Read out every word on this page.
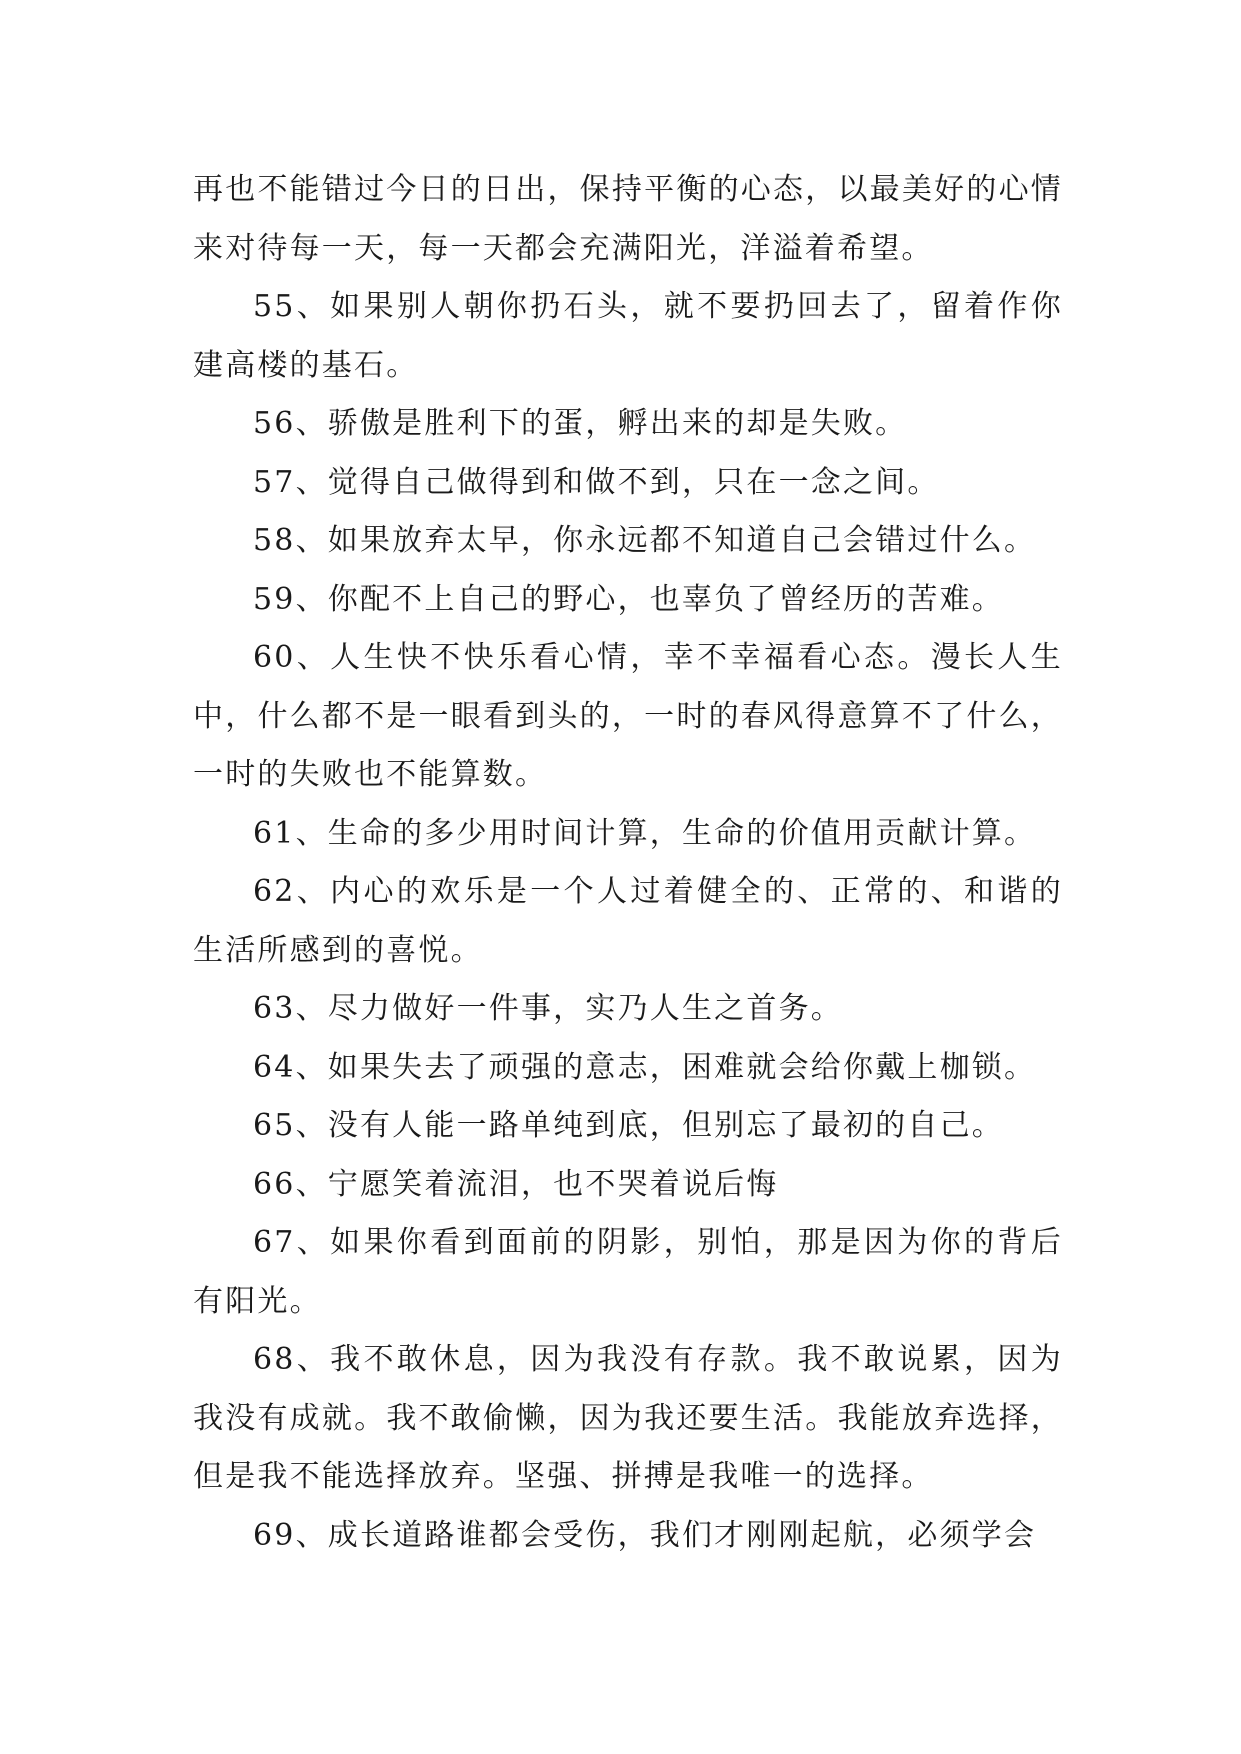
再也不能错过今日的日出，保持平衡的心态，以最美好的心情来对待每一天，每一天都会充满阳光，洋溢着希望。

55、如果别人朝你扔石头，就不要扔回去了，留着作你建高楼的基石。

56、骄傲是胜利下的蛋，孵出来的却是失败。

57、觉得自己做得到和做不到，只在一念之间。

58、如果放弃太早，你永远都不知道自己会错过什么。

59、你配不上自己的野心，也辜负了曾经历的苦难。

60、人生快不快乐看心情，幸不幸福看心态。漫长人生中，什么都不是一眼看到头的，一时的春风得意算不了什么，一时的失败也不能算数。

61、生命的多少用时间计算，生命的价值用贡献计算。

62、内心的欢乐是一个人过着健全的、正常的、和谐的生活所感到的喜悦。

63、尽力做好一件事，实乃人生之首务。

64、如果失去了顽强的意志，困难就会给你戴上枷锁。

65、没有人能一路单纯到底，但别忘了最初的自己。

66、宁愿笑着流泪，也不哭着说后悔

67、如果你看到面前的阴影，别怕，那是因为你的背后有阳光。

68、我不敢休息，因为我没有存款。我不敢说累，因为我没有成就。我不敢偷懒，因为我还要生活。我能放弃选择，但是我不能选择放弃。坚强、拼搏是我唯一的选择。

69、成长道路谁都会受伤，我们才刚刚起航，必须学会
